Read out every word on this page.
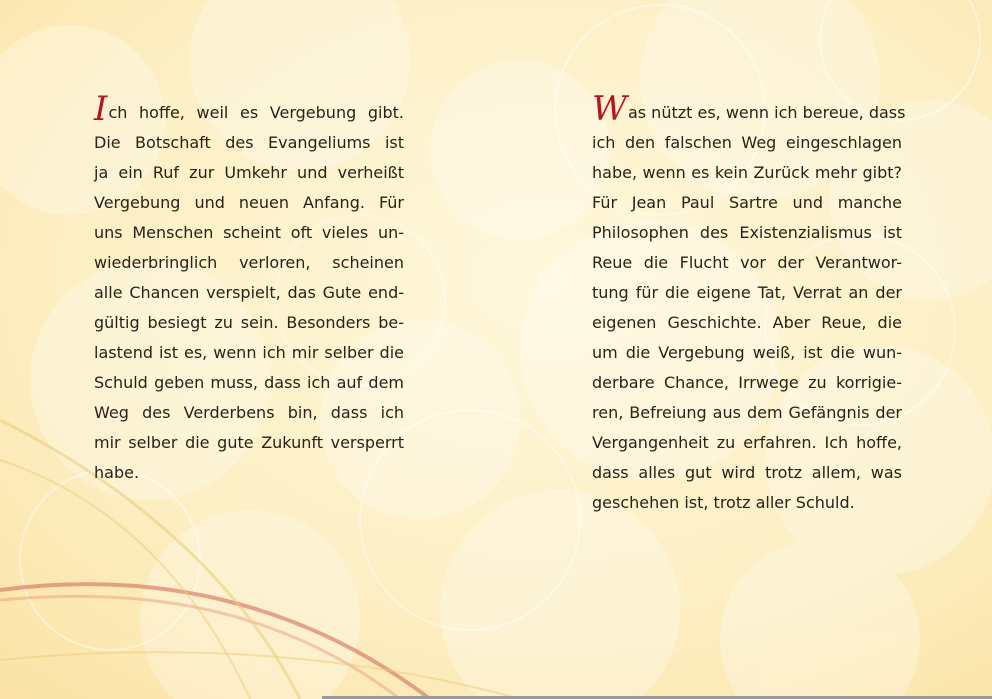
Ich hoffe, weil es Vergebung gibt.
Die Botschaft des Evangeliums ist
ja ein Ruf zur Umkehr und verheißt
Vergebung und neuen Anfang. Für
uns Menschen scheint oft vieles un-
wiederbringlich verloren, scheinen
alle Chancen verspielt, das Gute end-
gültig besiegt zu sein. Besonders be-
lastend ist es, wenn ich mir selber die
Schuld geben muss, dass ich auf dem
Weg des Verderbens bin, dass ich
mir selber die gute Zukunft versperrt
habe.
Was nützt es, wenn ich bereue, dass
ich den falschen Weg eingeschlagen
habe, wenn es kein Zurück mehr gibt?
Für Jean Paul Sartre und manche
Philosophen des Existenzialismus ist
Reue die Flucht vor der Verantwor-
tung für die eigene Tat, Verrat an der
eigenen Geschichte. Aber Reue, die
um die Vergebung weiß, ist die wun-
derbare Chance, Irrwege zu korrigie-
ren, Befreiung aus dem Gefängnis der
Vergangenheit zu erfahren. Ich hoffe,
dass alles gut wird trotz allem, was
geschehen ist, trotz aller Schuld.
